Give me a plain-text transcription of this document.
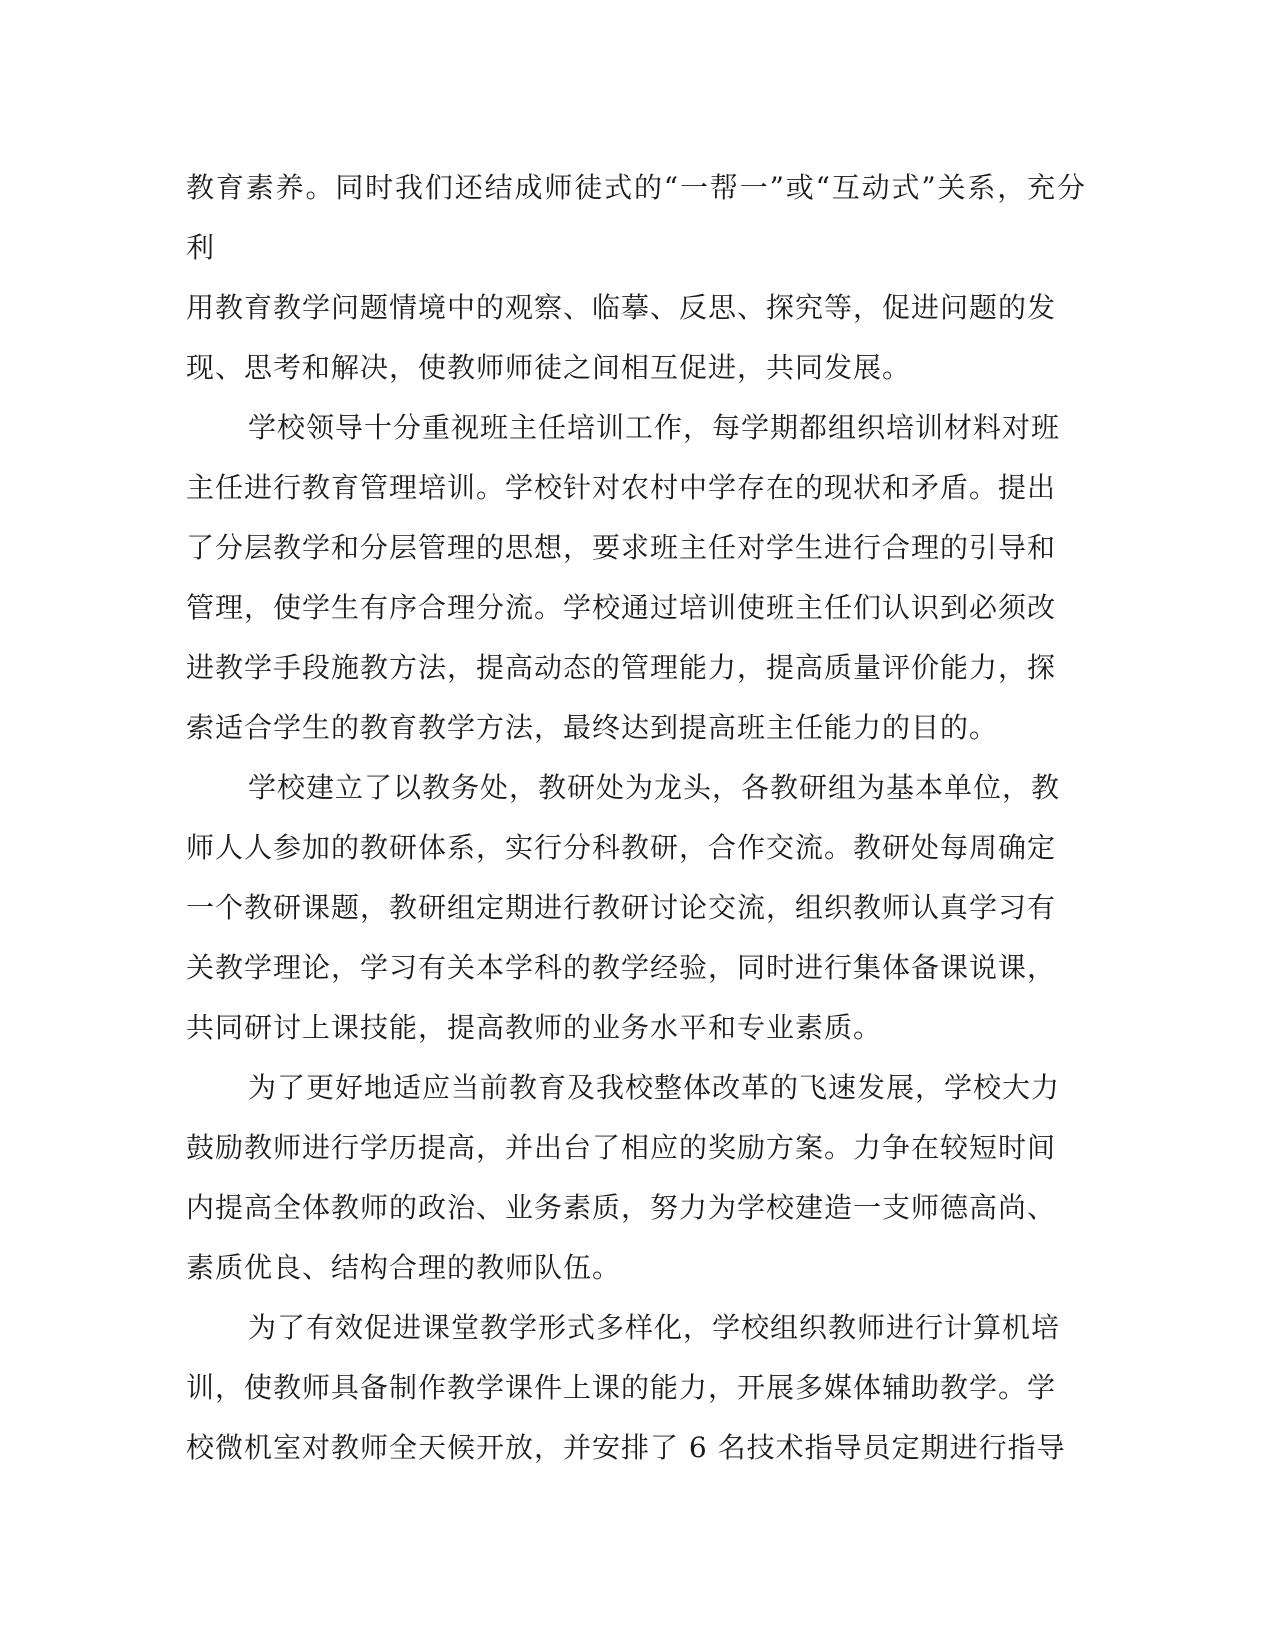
教育素养。同时我们还结成师徒式的“一帮一”或“互动式”关系，充分利
用教育教学问题情境中的观察、临摹、反思、探究等，促进问题的发
现、思考和解决，使教师师徒之间相互促进，共同发展。

学校领导十分重视班主任培训工作，每学期都组织培训材料对班
主任进行教育管理培训。学校针对农村中学存在的现状和矛盾。提出
了分层教学和分层管理的思想，要求班主任对学生进行合理的引导和
管理，使学生有序合理分流。学校通过培训使班主任们认识到必须改
进教学手段施教方法，提高动态的管理能力，提高质量评价能力，探
索适合学生的教育教学方法，最终达到提高班主任能力的目的。

学校建立了以教务处，教研处为龙头，各教研组为基本单位，教
师人人参加的教研体系，实行分科教研，合作交流。教研处每周确定
一个教研课题，教研组定期进行教研讨论交流，组织教师认真学习有
关教学理论，学习有关本学科的教学经验，同时进行集体备课说课，
共同研讨上课技能，提高教师的业务水平和专业素质。

为了更好地适应当前教育及我校整体改革的飞速发展，学校大力
鼓励教师进行学历提高，并出台了相应的奖励方案。力争在较短时间
内提高全体教师的政治、业务素质，努力为学校建造一支师德高尚、
素质优良、结构合理的教师队伍。

为了有效促进课堂教学形式多样化，学校组织教师进行计算机培
训，使教师具备制作教学课件上课的能力，开展多媒体辅助教学。学
校微机室对教师全天候开放，并安排了 6 名技术指导员定期进行指导
